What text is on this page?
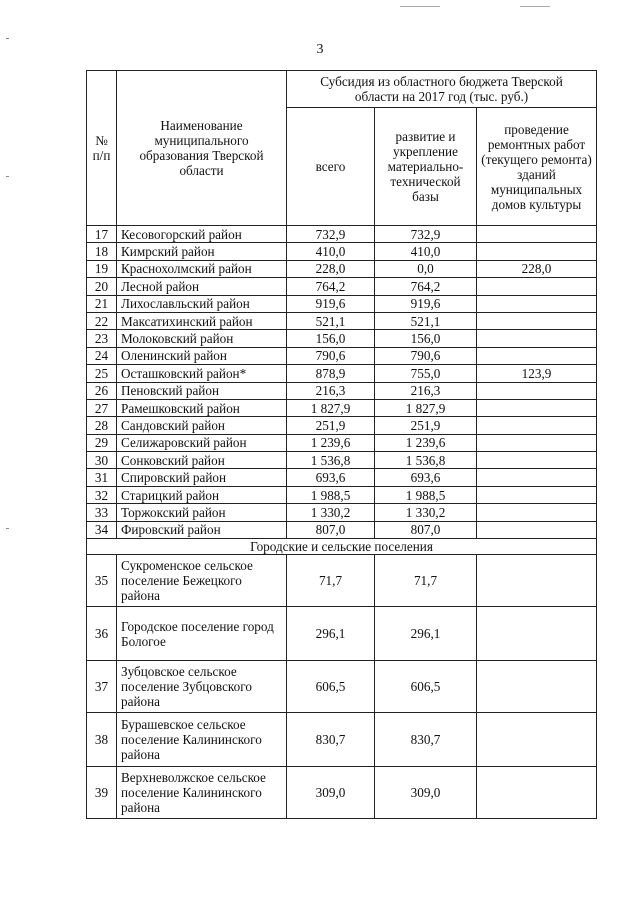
3
№ п/п	Наименование муниципального образования Тверской области	Субсидия из областного бюджета Тверской области на 2017 год (тыс. руб.)		
		всего	развитие и укрепление материально-технической базы	проведение ремонтных работ (текущего ремонта) зданий муниципальных домов культуры
17	Кесовогорский район	732,9	732,9	
18	Кимрский район	410,0	410,0	
19	Краснохолмский район	228,0	0,0	228,0
20	Лесной район	764,2	764,2	
21	Лихославльский район	919,6	919,6	
22	Максатихинский район	521,1	521,1	
23	Молоковский район	156,0	156,0	
24	Оленинский район	790,6	790,6	
25	Осташковский район*	878,9	755,0	123,9
26	Пеновский район	216,3	216,3	
27	Рамешковский район	1 827,9	1 827,9	
28	Сандовский район	251,9	251,9	
29	Селижаровский район	1 239,6	1 239,6	
30	Сонковский район	1 536,8	1 536,8	
31	Спировский район	693,6	693,6	
32	Старицкий район	1 988,5	1 988,5	
33	Торжокский район	1 330,2	1 330,2	
34	Фировский район	807,0	807,0	
Городские и сельские поселения				
35	Сукроменское сельское поселение Бежецкого района	71,7	71,7	
36	Городское поселение город Бологое	296,1	296,1	
37	Зубцовское сельское поселение Зубцовского района	606,5	606,5	
38	Бурашевское сельское поселение Калининского района	830,7	830,7	
39	Верхневолжское сельское поселение Калининского района	309,0	309,0	
